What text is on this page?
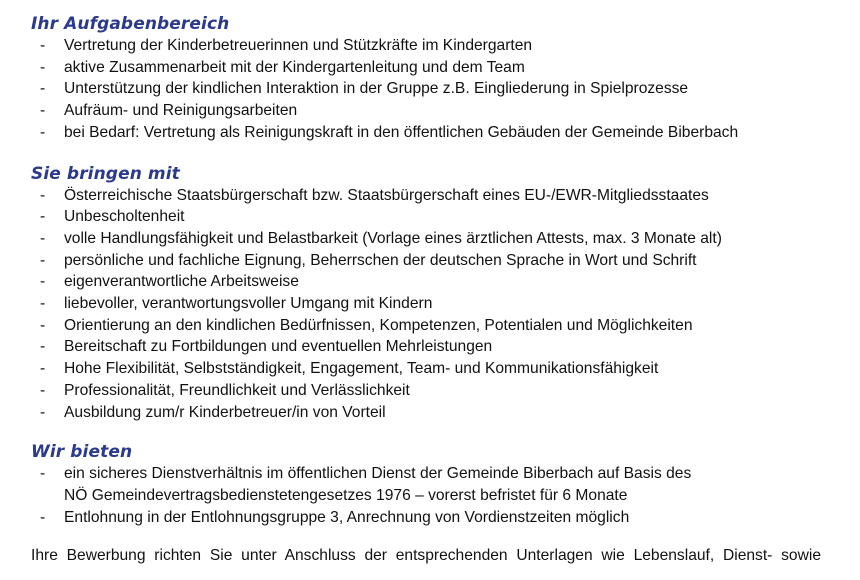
Ihr Aufgabenbereich
- Vertretung der Kinderbetreuerinnen und Stützkräfte im Kindergarten
- aktive Zusammenarbeit mit der Kindergartenleitung und dem Team
- Unterstützung der kindlichen Interaktion in der Gruppe z.B. Eingliederung in Spielprozesse
- Aufräum- und Reinigungsarbeiten
- bei Bedarf: Vertretung als Reinigungskraft in den öffentlichen Gebäuden der Gemeinde Biberbach
Sie bringen mit
- Österreichische Staatsbürgerschaft bzw. Staatsbürgerschaft eines EU-/EWR-Mitgliedsstaates
- Unbescholtenheit
- volle Handlungsfähigkeit und Belastbarkeit (Vorlage eines ärztlichen Attests, max. 3 Monate alt)
- persönliche und fachliche Eignung, Beherrschen der deutschen Sprache in Wort und Schrift
- eigenverantwortliche Arbeitsweise
- liebevoller, verantwortungsvoller Umgang mit Kindern
- Orientierung an den kindlichen Bedürfnissen, Kompetenzen, Potentialen und Möglichkeiten
- Bereitschaft zu Fortbildungen und eventuellen Mehrleistungen
- Hohe Flexibilität, Selbstständigkeit, Engagement, Team- und Kommunikationsfähigkeit
- Professionalität, Freundlichkeit und Verlässlichkeit
- Ausbildung zum/r Kinderbetreuer/in von Vorteil
Wir bieten
- ein sicheres Dienstverhältnis im öffentlichen Dienst der Gemeinde Biberbach auf Basis des
NÖ Gemeindevertragsbedienstetengesetzes 1976 – vorerst befristet für 6 Monate
- Entlohnung in der Entlohnungsgruppe 3, Anrechnung von Vordienstzeiten möglich
Ihre Bewerbung richten Sie unter Anschluss der entsprechenden Unterlagen wie Lebenslauf, Dienst- sowie
